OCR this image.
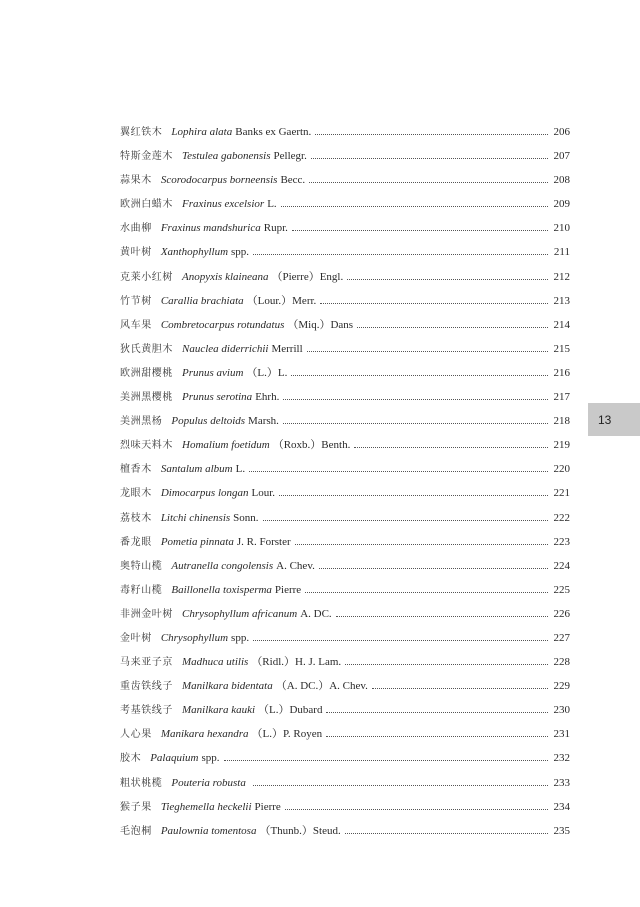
翼红铁木 Lophira alata Banks ex Gaertn.	206
特斯金莲木 Testulea gabonensis Pellegr.	207
蒜果木 Scorodocarpus borneensis Becc.	208
欧洲白蜡木 Fraxinus excelsior L.	209
水曲柳 Fraxinus mandshurica Rupr.	210
黄叶树 Xanthophyllum spp.	211
克莱小红树 Anopyxis klaineana （Pierre）Engl.	212
竹节树 Carallia brachiata （Lour.）Merr.	213
风车果 Combretocarpus rotundatus （Miq.）Dans	214
狄氏黄胆木 Nauclea diderrichii Merrill	215
欧洲甜樱桃 Prunus avium （L.）L.	216
美洲黑樱桃 Prunus serotina Ehrh.	217
美洲黑杨 Populus deltoids Marsh.	218
烈味天料木 Homalium foetidum （Roxb.）Benth.	219
檀香木 Santalum album L.	220
龙眼木 Dimocarpus longan Lour.	221
荔枝木 Litchi chinensis Sonn.	222
番龙眼 Pometia pinnata J. R. Forster	223
奥特山榄 Autranella congolensis A. Chev.	224
毒籽山榄 Baillonella toxisperma Pierre	225
非洲金叶树 Chrysophyllum africanum A. DC.	226
金叶树 Chrysophyllum spp.	227
马来亚子京 Madhuca utilis （Ridl.）H. J. Lam.	228
重齿铁线子 Manilkara bidentata （A. DC.）A. Chev.	229
考基铁线子 Manilkara kauki （L.）Dubard	230
人心果 Manikara hexandra （L.）P. Royen	231
胶木 Palaquium spp.	232
粗状桃榄 Pouteria robusta	233
猴子果 Tieghemella heckelii Pierre	234
毛泡桐 Paulownia tomentosa （Thunb.）Steud.	235
13
